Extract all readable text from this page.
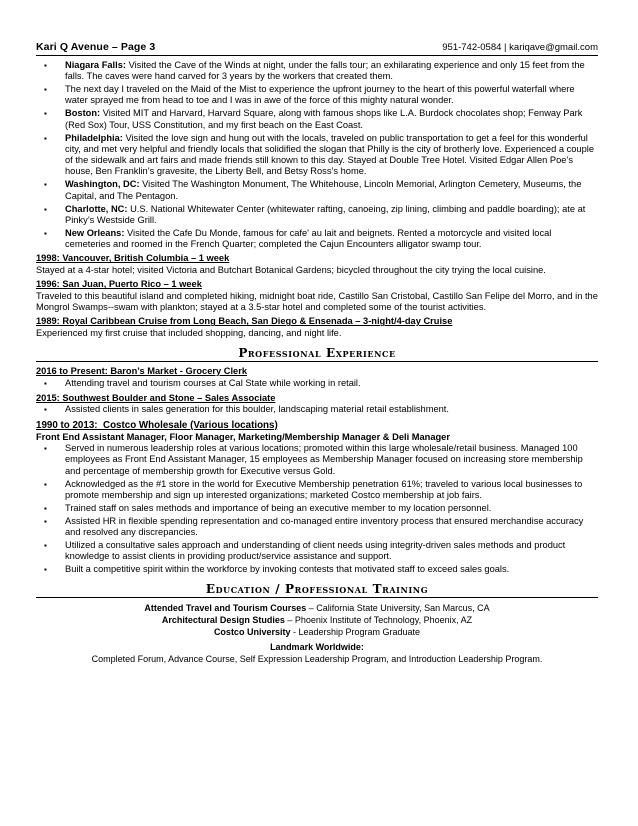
Kari Q Avenue – Page 3	951-742-0584 | kariqave@gmail.com
▪ Niagara Falls: Visited the Cave of the Winds at night, under the falls tour; an exhilarating experience and only 15 feet from the falls. The caves were hand carved for 3 years by the workers that created them.
▪ The next day I traveled on the Maid of the Mist to experience the upfront journey to the heart of this powerful waterfall where water sprayed me from head to toe and I was in awe of the force of this mighty natural wonder.
▪ Boston: Visited MIT and Harvard, Harvard Square, along with famous shops like L.A. Burdock chocolates shop; Fenway Park (Red Sox) Tour, USS Constitution, and my first beach on the East Coast.
▪ Philadelphia: Visited the love sign and hung out with the locals, traveled on public transportation to get a feel for this wonderful city, and met very helpful and friendly locals that solidified the slogan that Philly is the city of brotherly love. Experienced a couple of the sidewalk and art fairs and made friends still known to this day. Stayed at Double Tree Hotel. Visited Edgar Allen Poe’s house, Ben Franklin’s gravesite, the Liberty Bell, and Betsy Ross’s home.
▪ Washington, DC: Visited The Washington Monument, The Whitehouse, Lincoln Memorial, Arlington Cemetery, Museums, the Capital, and The Pentagon.
▪ Charlotte, NC: U.S. National Whitewater Center (whitewater rafting, canoeing, zip lining, climbing and paddle boarding); ate at Pinky’s Westside Grill.
▪ New Orleans: Visited the Cafe Du Monde, famous for cafe' au lait and beignets. Rented a motorcycle and visited local cemeteries and roomed in the French Quarter; completed the Cajun Encounters alligator swamp tour.
1998: Vancouver, British Columbia – 1 week
Stayed at a 4-star hotel; visited Victoria and Butchart Botanical Gardens; bicycled throughout the city trying the local cuisine.
1996: San Juan, Puerto Rico – 1 week
Traveled to this beautiful island and completed hiking, midnight boat ride, Castillo San Cristobal, Castillo San Felipe del Morro, and in the Mongrol Swamps--swam with plankton; stayed at a 3.5-star hotel and completed some of the tourist activities.
1989: Royal Caribbean Cruise from Long Beach, San Diego & Ensenada – 3-night/4-day Cruise
Experienced my first cruise that included shopping, dancing, and night life.
Professional Experience
2016 to Present: Baron’s Market - Grocery Clerk
▪ Attending travel and tourism courses at Cal State while working in retail.
2015: Southwest Boulder and Stone – Sales Associate
▪ Assisted clients in sales generation for this boulder, landscaping material retail establishment.
1990 to 2013: Costco Wholesale (Various locations)
Front End Assistant Manager, Floor Manager, Marketing/Membership Manager & Deli Manager
▪ Served in numerous leadership roles at various locations; promoted within this large wholesale/retail business. Managed 100 employees as Front End Assistant Manager, 15 employees as Membership Manager focused on increasing store membership and percentage of membership growth for Executive versus Gold.
▪ Acknowledged as the #1 store in the world for Executive Membership penetration 61%; traveled to various local businesses to promote membership and sign up interested organizations; marketed Costco membership at job fairs.
▪ Trained staff on sales methods and importance of being an executive member to my location personnel.
▪ Assisted HR in flexible spending representation and co-managed entire inventory process that ensured merchandise accuracy and resolved any discrepancies.
▪ Utilized a consultative sales approach and understanding of client needs using integrity-driven sales methods and product knowledge to assist clients in providing product/service assistance and support.
▪ Built a competitive spirit within the workforce by invoking contests that motivated staff to exceed sales goals.
Education / Professional Training
Attended Travel and Tourism Courses – California State University, San Marcus, CA
Architectural Design Studies – Phoenix Institute of Technology, Phoenix, AZ
Costco University - Leadership Program Graduate
Landmark Worldwide:
Completed Forum, Advance Course, Self Expression Leadership Program, and Introduction Leadership Program.
